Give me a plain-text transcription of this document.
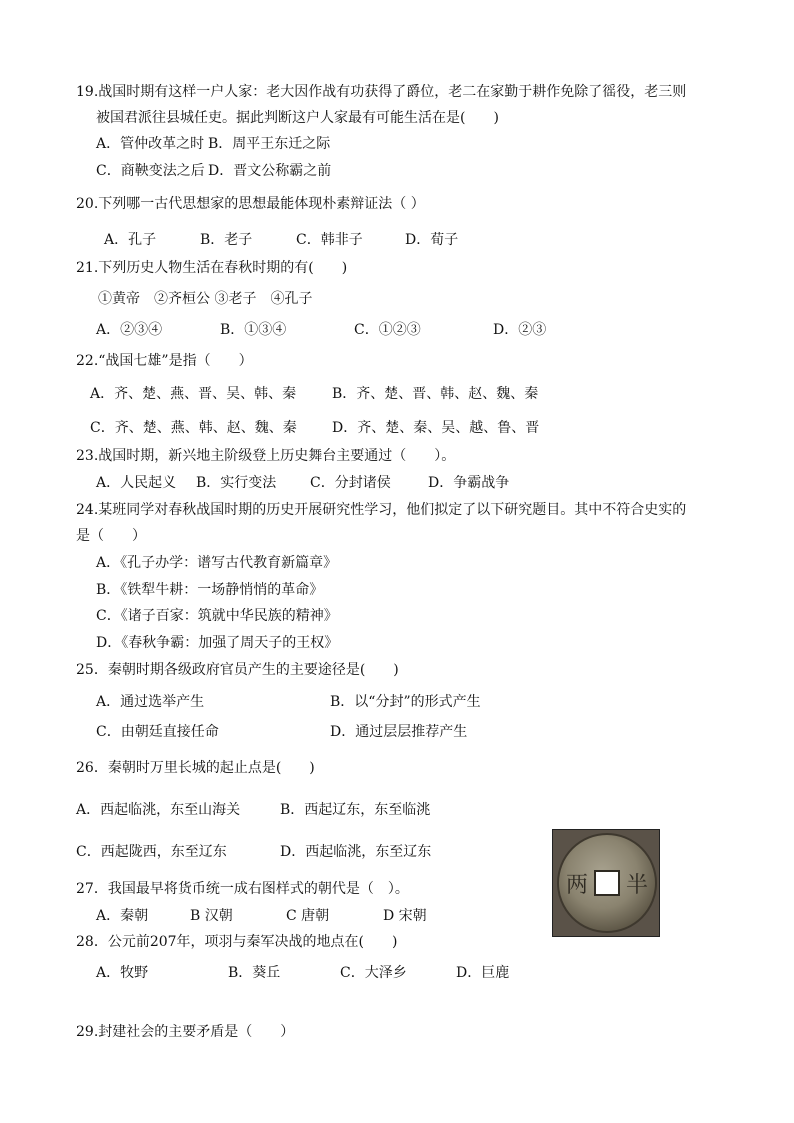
19.战国时期有这样一户人家：老大因作战有功获得了爵位，老二在家勤于耕作免除了徭役，老三则
被国君派往县城任吏。据此判断这户人家最有可能生活在是(　　)
A．管仲改革之时 B．周平王东迁之际
C．商鞅变法之后 D．晋文公称霸之前
20.下列哪一古代思想家的思想最能体现朴素辩证法（ ）
A．孔子	B．老子	C．韩非子	D．荀子
21.下列历史人物生活在春秋时期的有(　　)
①黄帝　②齐桓公 ③老子　④孔子
A．②③④	B．①③④	C．①②③	D．②③
22.“战国七雄”是指（　　）
A．齐、楚、燕、晋、吴、韩、秦	B．齐、楚、晋、韩、赵、魏、秦
C．齐、楚、燕、韩、赵、魏、秦	D．齐、楚、秦、吴、越、鲁、晋
23.战国时期，新兴地主阶级登上历史舞台主要通过（　　）。
A．人民起义 B．实行变法 C．分封诸侯	D．争霸战争
24.某班同学对春秋战国时期的历史开展研究性学习，他们拟定了以下研究题目。其中不符合史实的
是（　　）
A．《孔子办学：谱写古代教育新篇章》
B．《铁犁牛耕：一场静悄悄的革命》
C．《诸子百家：筑就中华民族的精神》
D．《春秋争霸：加强了周天子的王权》
25．秦朝时期各级政府官员产生的主要途径是(　　)
A．通过选举产生	B．以“分封”的形式产生
C．由朝廷直接任命	D．通过层层推荐产生
26．秦朝时万里长城的起止点是(　　)
A．西起临洮，东至山海关	B．西起辽东，东至临洮
C．西起陇西，东至辽东	D．西起临洮，东至辽东
两 半
27．我国最早将货币统一成右图样式的朝代是（　）。
A．秦朝	B 汉朝	C 唐朝	D 宋朝
28．公元前207年，项羽与秦军决战的地点在(　　)
A．牧野	B．葵丘	C．大泽乡	D．巨鹿
29.封建社会的主要矛盾是（　　）
